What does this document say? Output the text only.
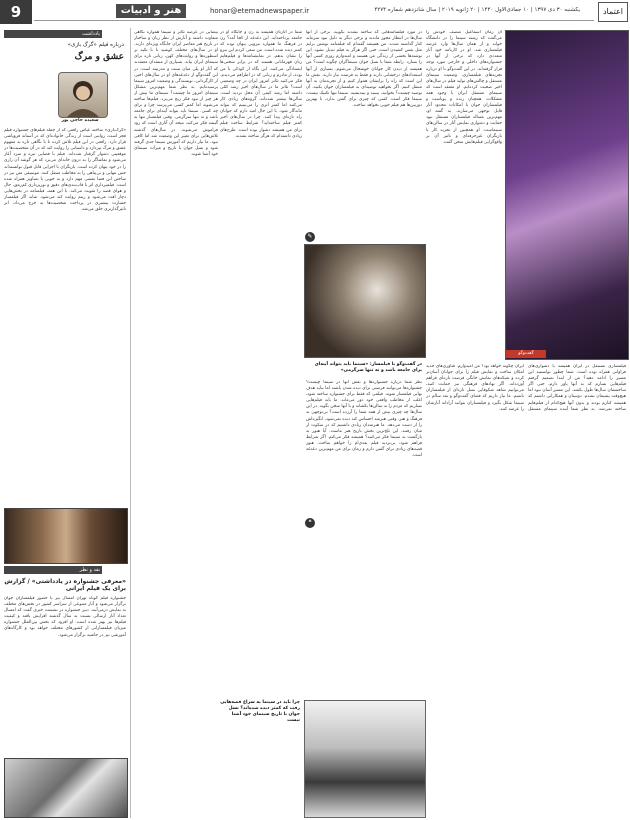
9	هنر و ادبیات	honar@etemadnewspaper.ir	یکشنبه ۳۰ دی ۱۳۹۷ | ۱۰ جمادی‌الاول ۱۴۴۰ | ۲۰ ژانویه ۲۰۱۹ | سال شانزدهم شماره ۴۲۷۴	اعتماد
یادداشت
درباره فیلم «گرگ بازی»
عشق و مرگ
سعیده حاجی پور
«گرگ‌بازی» ساخته عباس رافعی که از جمله فیلم‌های جشنواره فیلم فجر است، روایتی است از زندگی خانواده‌ای که در آستانه فروپاشی قرار دارد. رافعی در این فیلم تلاش کرده تا با نگاهی تازه به مفهوم عشق و مرگ بپردازد و داستانی را روایت کند که در آن شخصیت‌ها در موقعیتی دشوار گرفتار شده‌اند. فیلم با فضایی تیره و سرد آغاز می‌شود و تماشاگر را به درون خانه‌ای می‌برد که هر گوشه آن رازی را در خود پنهان کرده است. بازیگران با اجرایی قابل قبول توانسته‌اند حس تنهایی و بی‌پناهی را به مخاطب منتقل کنند. موسیقی متن نیز در ساختن این فضا نقشی مهم دارد و به خوبی با تصاویر همراه شده است. فیلمبرداری اثر با قاب‌بندی‌های دقیق و نورپردازی کم‌رمق، حال و هوای قصه را تقویت می‌کند. با این همه، فیلمنامه در بخش‌هایی دچار افت می‌شود و ریتم روایت کند می‌شود. شاید اگر فیلمساز جسارت بیشتری در پرداخت شخصیت‌ها به خرج می‌داد، اثر تاثیرگذارتری خلق می‌شد.
نقد و نظر
«معرفی جشنواره در یادداشتی» / گزارش برای یک فیلم ایرانی
جشنواره فیلم کوتاه تهران امسال نیز با حضور فیلمسازان جوان برگزار می‌شود و آثار متنوعی از سراسر کشور در بخش‌های مختلف به نمایش درمی‌آیند. دبیر جشنواره در نشست خبری گفت که امسال تعداد آثار ارسالی نسبت به سال گذشته افزایش یافته و کیفیت فیلم‌ها نیز بهتر شده است. او افزود که بخش بین‌الملل جشنواره میزبان فیلمسازانی از کشورهای مختلف خواهد بود و کارگاه‌های آموزشی نیز در حاشیه برگزار می‌شود.
بیضایی در عرصه تئاتر و سینما همواره نگاهی متفاوت داشته و آثارش از نظر زبان و ساختار در تاریخ هنر معاصر ایران جایگاه ویژه‌ای دارند. او در سال‌های مختلف کوشید تا با تکیه بر اسطوره‌ها و روایت‌های کهن، زبانی تازه برای سینمای ایران بیابد. بسیاری از منتقدان معتقدند که آثار او پلی میان سنت و مدرنیته است. در این گفت‌وگو از دغدغه‌های او در سال‌های اخیر، از کارگردانی، نویسندگی و وضعیت امروز سینما پرسیده‌ایم. به نظر شما مهم‌ترین مشکل سینمای امروز ما چیست؟ سینمای ما بیش از هر چیز از نبود فکر رنج می‌برد. فیلم‌ها ساخته می‌شوند اما کمتر کسی می‌پرسد چرا و برای چه کسی. سینما باید بتواند آینه‌ای برای جامعه باشد و نه تنها سرگرمی. وقتی فیلمساز تنها به گیشه فکر می‌کند، نتیجه آن آثاری است که زود فراموش می‌شوند. در سال‌های گذشته تلاش‌هایی برای تغییر این وضعیت شد اما کافی نبود. ما نیاز داریم که آموزش سینما جدی گرفته شود و نسل جوان با تاریخ و میراث سینمای خود آشنا شوند.
شما در آثارتان همیشه به زن و جایگاه او در جامعه پرداخته‌اید. این دغدغه از کجا آمد؟ زن در فرهنگ ما همواره نیرویی پنهان بوده که کمتر دیده شده است. من سعی کردم این نیرو را نشان بدهم. در نمایشنامه‌ها و فیلم‌هایم زنان قهرمانانی هستند که در برابر سختی‌ها ایستادگی می‌کنند. این نگاه از کودکی با من بوده، از مادرم و زنانی که در اطرافم می‌دیدم. فکر می‌کنید تئاتر امروز ایران در چه وضعیتی است؟ تئاتر ما در سال‌های اخیر رشد کمّی داشته اما رشد کیفی آن محل تردید است. سالن‌ها بیشتر شده‌اند، گروه‌های زیادی کار می‌کنند اما کمتر اثری را می‌بینیم که بتواند ماندگار شود. با این حال امید دارم که جوانان راه تازه‌ای پیدا کنند. چرا در سال‌های اخیر کمتر فیلم ساخته‌اید؟ شرایط ساخت فیلم برای من همیشه دشوار بوده است. طرح‌های زیادی داشته‌ام که هرگز ساخته نشدند.
در مورد فیلمنامه‌هایی که ساخته نشدند بگویید. برخی از آنها سال‌ها در انتظار مجوز ماندند و برخی دیگر به دلیل نبود سرمایه کنار گذاشته شدند. من همیشه گفته‌ام که فیلمنامه نوشتن برایم مثل نفس کشیدن است، حتی اگر هرگز به فیلم تبدیل نشود. این نوشته‌ها بخشی از زندگی من هستند و امیدوارم روزی کسی آنها را بسازد. رابطه شما با نسل جوان سینماگران چگونه است؟ من همیشه از دیدن کار جوانان خوشحال می‌شوم. بسیاری از آنها استعدادهای درخشانی دارند و فقط به فرصت نیاز دارند. نقش ما این است که راه را برایشان هموار کنیم و از تجربه‌مان به آنها منتقل کنیم. اگر بخواهید توصیه‌ای به فیلمسازان جوان بکنید، آن توصیه چیست؟ بخوانید، ببینید و بیندیشید. سینما تنها تکنیک نیست، سینما فکر است. کسی که چیزی برای گفتن ندارد، با بهترین دوربین‌ها هم فیلم خوبی نخواهد ساخت.
در گفت‌وگو با فیلمساز: «سینما باید بتواند آینه‌ای برای جامعه باشد و نه تنها سرگرمی»
نظر شما درباره جشنواره‌ها و نقش آنها در سینما چیست؟ جشنواره‌ها می‌توانند فرصتی برای دیده شدن باشند اما نباید هدف نهایی فیلمساز شوند. فیلمی که فقط برای جشنواره ساخته شود، اغلب از مخاطب واقعی خود دور می‌ماند. ما باید فیلم‌هایی بسازیم که مردم را به سالن‌ها بکشاند و با آنها سخن بگوید. در این سال‌ها چه چیزی بیش از همه شما را آزرده است؟ بی‌توجهی به فرهنگ و هنر. وقتی هنرمند احساس کند دیده نمی‌شود، انگیزه‌اش را از دست می‌دهد. ما هنرمندان زیادی داشتیم که در سکوت از میان رفتند. این تلخ‌ترین بخش تاریخ هنر ماست. آیا هنوز به بازگشت به سینما فکر می‌کنید؟ همیشه فکر می‌کنم. اگر شرایط فراهم شود، بی‌تردید فیلم بعدی‌ام را خواهم ساخت. هنوز قصه‌های زیادی برای گفتن دارم و زمان برای من مهم‌ترین دغدغه است.
چرا باید در سینما به سراغ قصه‌هایی رفت که کمتر دیده شده‌اند؟ نسل جوان با تاریخ سینمای خود آشنا نیست
✎
❝
آن زمان اسماعیل منصف خودش را می‌گفت که رشته سینما را در دانشگاه خواند و از همان سال‌ها وارد عرصه فیلمسازی شد. او در کارنامه خود آثار متعددی دارد که برخی از آنها در جشنواره‌های داخلی و خارجی مورد توجه قرار گرفته‌اند. در این گفت‌وگو با او درباره تجربه‌های فیلمسازی، وضعیت سینمای مستقل و چالش‌های تولید فیلم در سال‌های اخیر صحبت کرده‌ایم. او معتقد است که سینمای مستقل ایران با وجود همه مشکلات، همچنان زنده و پویاست و فیلمسازان جوان با امکانات محدود آثار قابل توجهی می‌سازند. به گفته او، مهم‌ترین مساله فیلمسازان مستقل نبود حمایت و دشواری نمایش آثار در سالن‌های سینماست. او همچنین از تجربه کار با بازیگران غیرحرفه‌ای و تاثیر آن بر واقع‌گرایی فیلم‌هایش سخن گفت.
گفت‌وگو
فیلمسازی مستقل در ایران همیشه با دشواری‌های فراوانی همراه بوده است. شما چطور توانستید این مسیر را ادامه دهید؟ من از ابتدا تصمیم گرفتم فیلم‌هایی بسازم که به آنها باور دارم، حتی اگر ساختنشان سال‌ها طول بکشد. این مسیر آسان نبود اما هیچ‌وقت پشیمان نشدم. دوستان و همکارانی داشتم که همیشه کنارم بودند و بدون آنها هیچ‌کدام از فیلم‌هایم ساخته نمی‌شد. به نظر شما آینده سینمای مستقل ایران چگونه خواهد بود؟ من امیدوارم. فناوری‌های جدید امکان ساخت و نمایش فیلم را برای جوانان آسان‌تر کرده و شبکه‌های نمایش خانگی فرصت تازه‌ای فراهم آورده‌اند. اگر نهادهای فرهنگی نیز حمایت کنند، می‌توانیم شاهد شکوفایی نسل تازه‌ای از فیلمسازان باشیم. ما نیاز داریم که فضای گفت‌وگو و نقد سالم در سینما شکل بگیرد و فیلمسازان بتوانند آزادانه آثارشان را عرضه کنند.
